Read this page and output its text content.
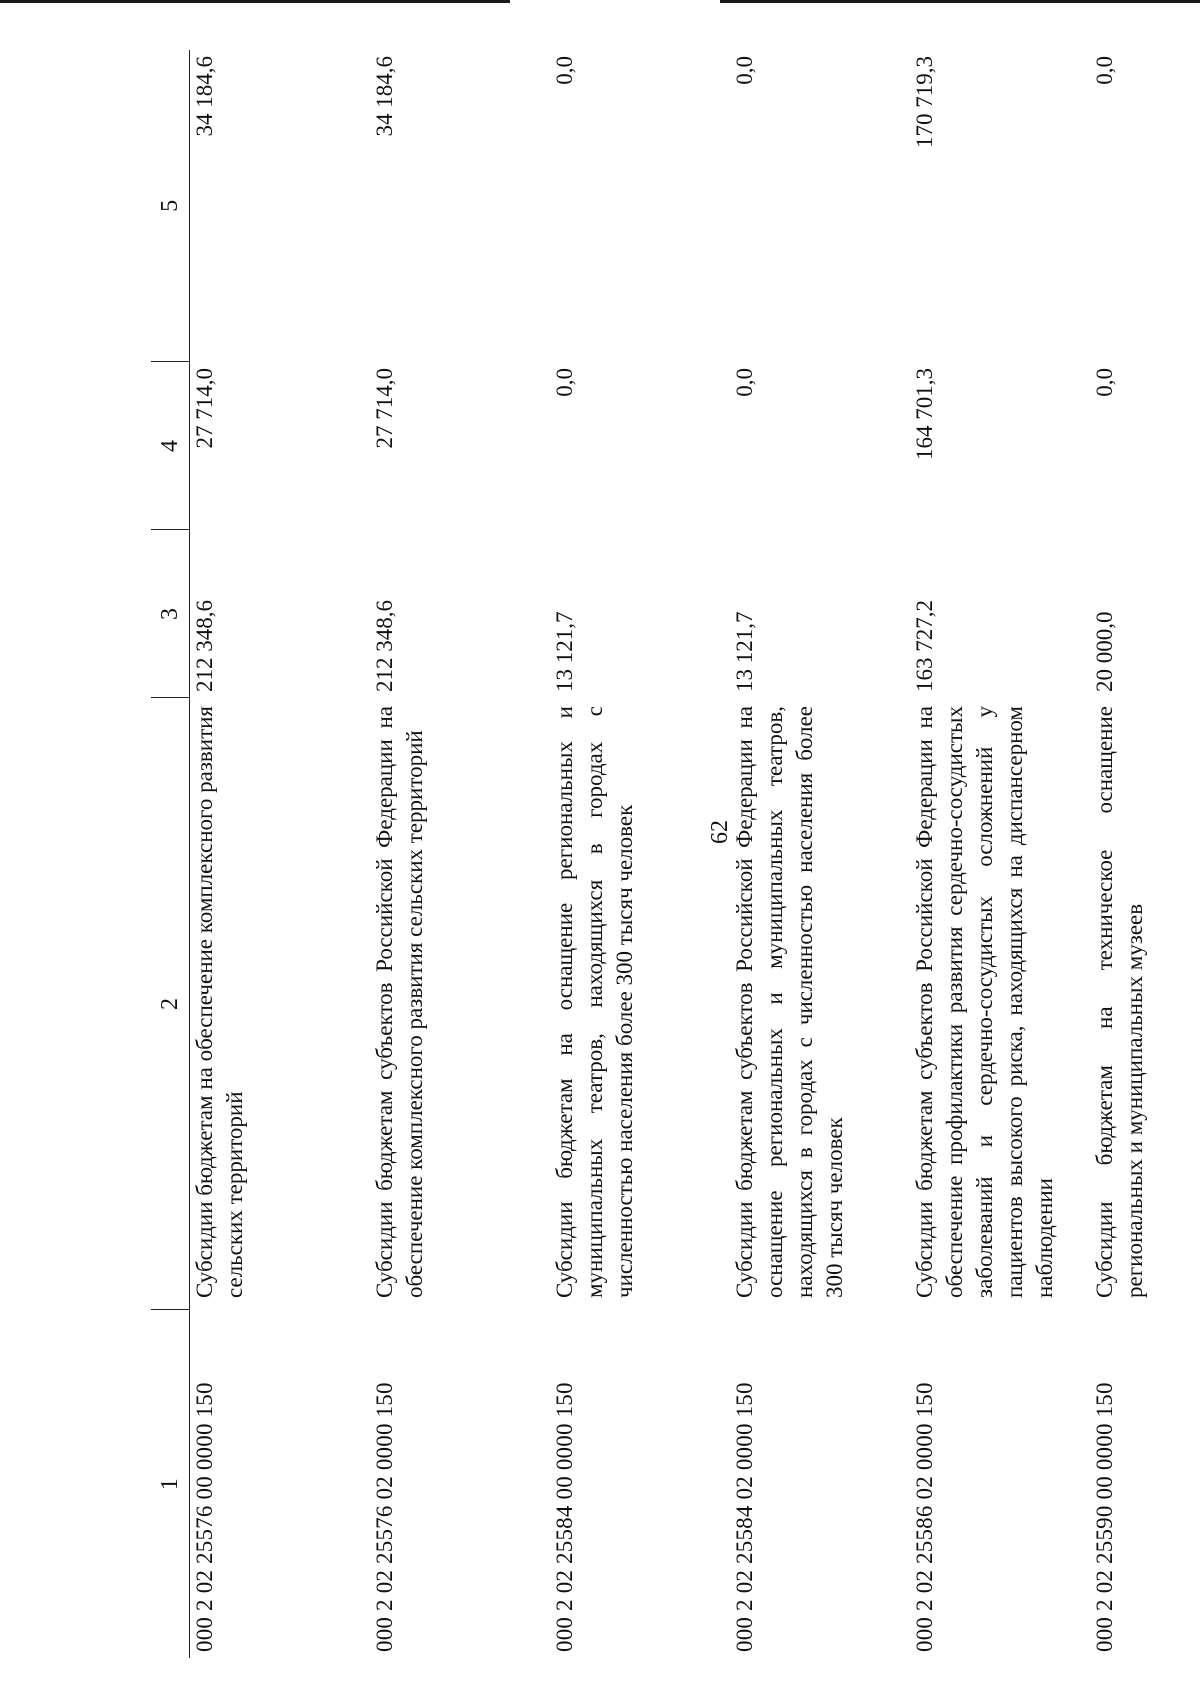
62
1	2	3	4	5
000 2 02 25576 00 0000 150	Субсидии бюджетам на обеспечение комплексного развития сельских территорий	212 348,6	27 714,0	34 184,6
000 2 02 25576 02 0000 150	Субсидии бюджетам субъектов Российской Федерации на обеспечение комплексного развития сельских территорий	212 348,6	27 714,0	34 184,6
000 2 02 25584 00 0000 150	Субсидии бюджетам на оснащение региональных и муниципальных театров, находящихся в городах с численностью населения более 300 тысяч человек	13 121,7	0,0	0,0
000 2 02 25584 02 0000 150	Субсидии бюджетам субъектов Российской Федерации на оснащение региональных и муниципальных театров, находящихся в городах с численностью населения более 300 тысяч человек	13 121,7	0,0	0,0
000 2 02 25586 02 0000 150	Субсидии бюджетам субъектов Российской Федерации на обеспечение профилактики развития сердечно-сосудистых заболеваний и сердечно-сосудистых осложнений у пациентов высокого риска, находящихся на диспансерном наблюдении	163 727,2	164 701,3	170 719,3
000 2 02 25590 00 0000 150	Субсидии бюджетам на техническое оснащение региональных и муниципальных музеев	20 000,0	0,0	0,0
